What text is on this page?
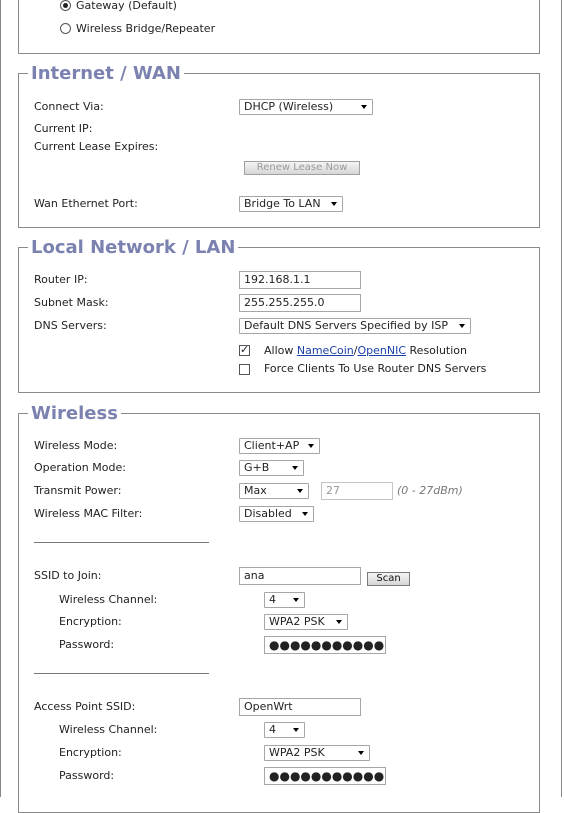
Gateway (Default)
Wireless Bridge/Repeater
Internet / WAN
Connect Via:	DHCP (Wireless)
Current IP:
Current Lease Expires:
Renew Lease Now
Wan Ethernet Port:	Bridge To LAN
Local Network / LAN
Router IP:	192.168.1.1
Subnet Mask:	255.255.255.0
DNS Servers:	Default DNS Servers Specified by ISP
✓
Allow NameCoin/OpenNIC Resolution
Force Clients To Use Router DNS Servers
Wireless
Wireless Mode:	Client+AP
Operation Mode:	G+B
Transmit Power:	Max	27	(0 - 27dBm)
Wireless MAC Filter:	Disabled
SSID to Join:	ana	Scan
Wireless Channel:	4
Encryption:	WPA2 PSK
Password:	●●●●●●●●●●●
Access Point SSID:	OpenWrt
Wireless Channel:	4
Encryption:	WPA2 PSK
Password:	●●●●●●●●●●●
